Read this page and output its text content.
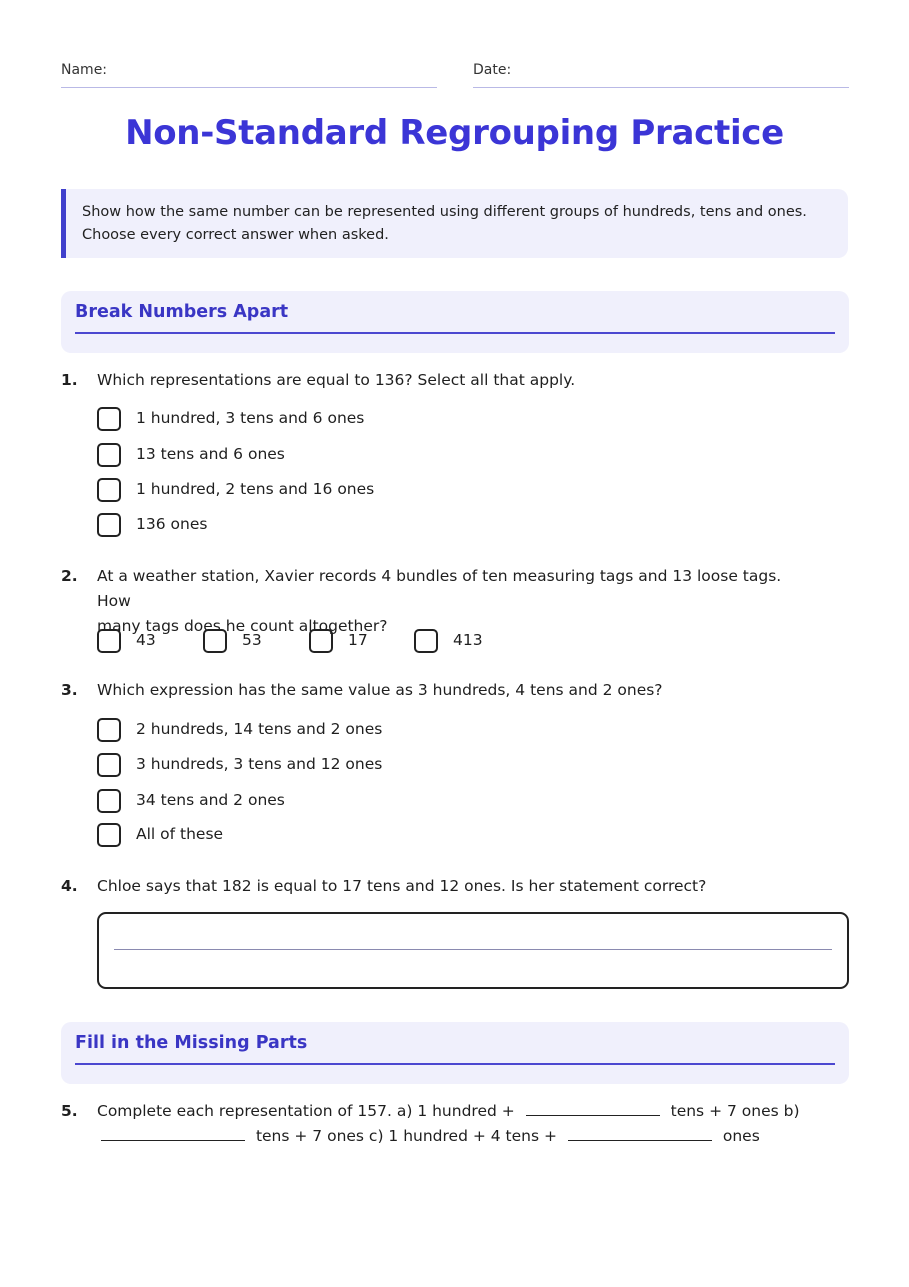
Name:	Date:
Non-Standard Regrouping Practice
Show how the same number can be represented using different groups of hundreds, tens and ones.
Choose every correct answer when asked.
Break Numbers Apart
1. Which representations are equal to 136? Select all that apply.
1 hundred, 3 tens and 6 ones
13 tens and 6 ones
1 hundred, 2 tens and 16 ones
136 ones
2. At a weather station, Xavier records 4 bundles of ten measuring tags and 13 loose tags. How
many tags does he count altogether?
43	53	17	413
3. Which expression has the same value as 3 hundreds, 4 tens and 2 ones?
2 hundreds, 14 tens and 2 ones
3 hundreds, 3 tens and 12 ones
34 tens and 2 ones
All of these
4. Chloe says that 182 is equal to 17 tens and 12 ones. Is her statement correct?
Fill in the Missing Parts
5. Complete each representation of 157. a) 1 hundred +	tens + 7 ones b)
tens + 7 ones c) 1 hundred + 4 tens +	ones
